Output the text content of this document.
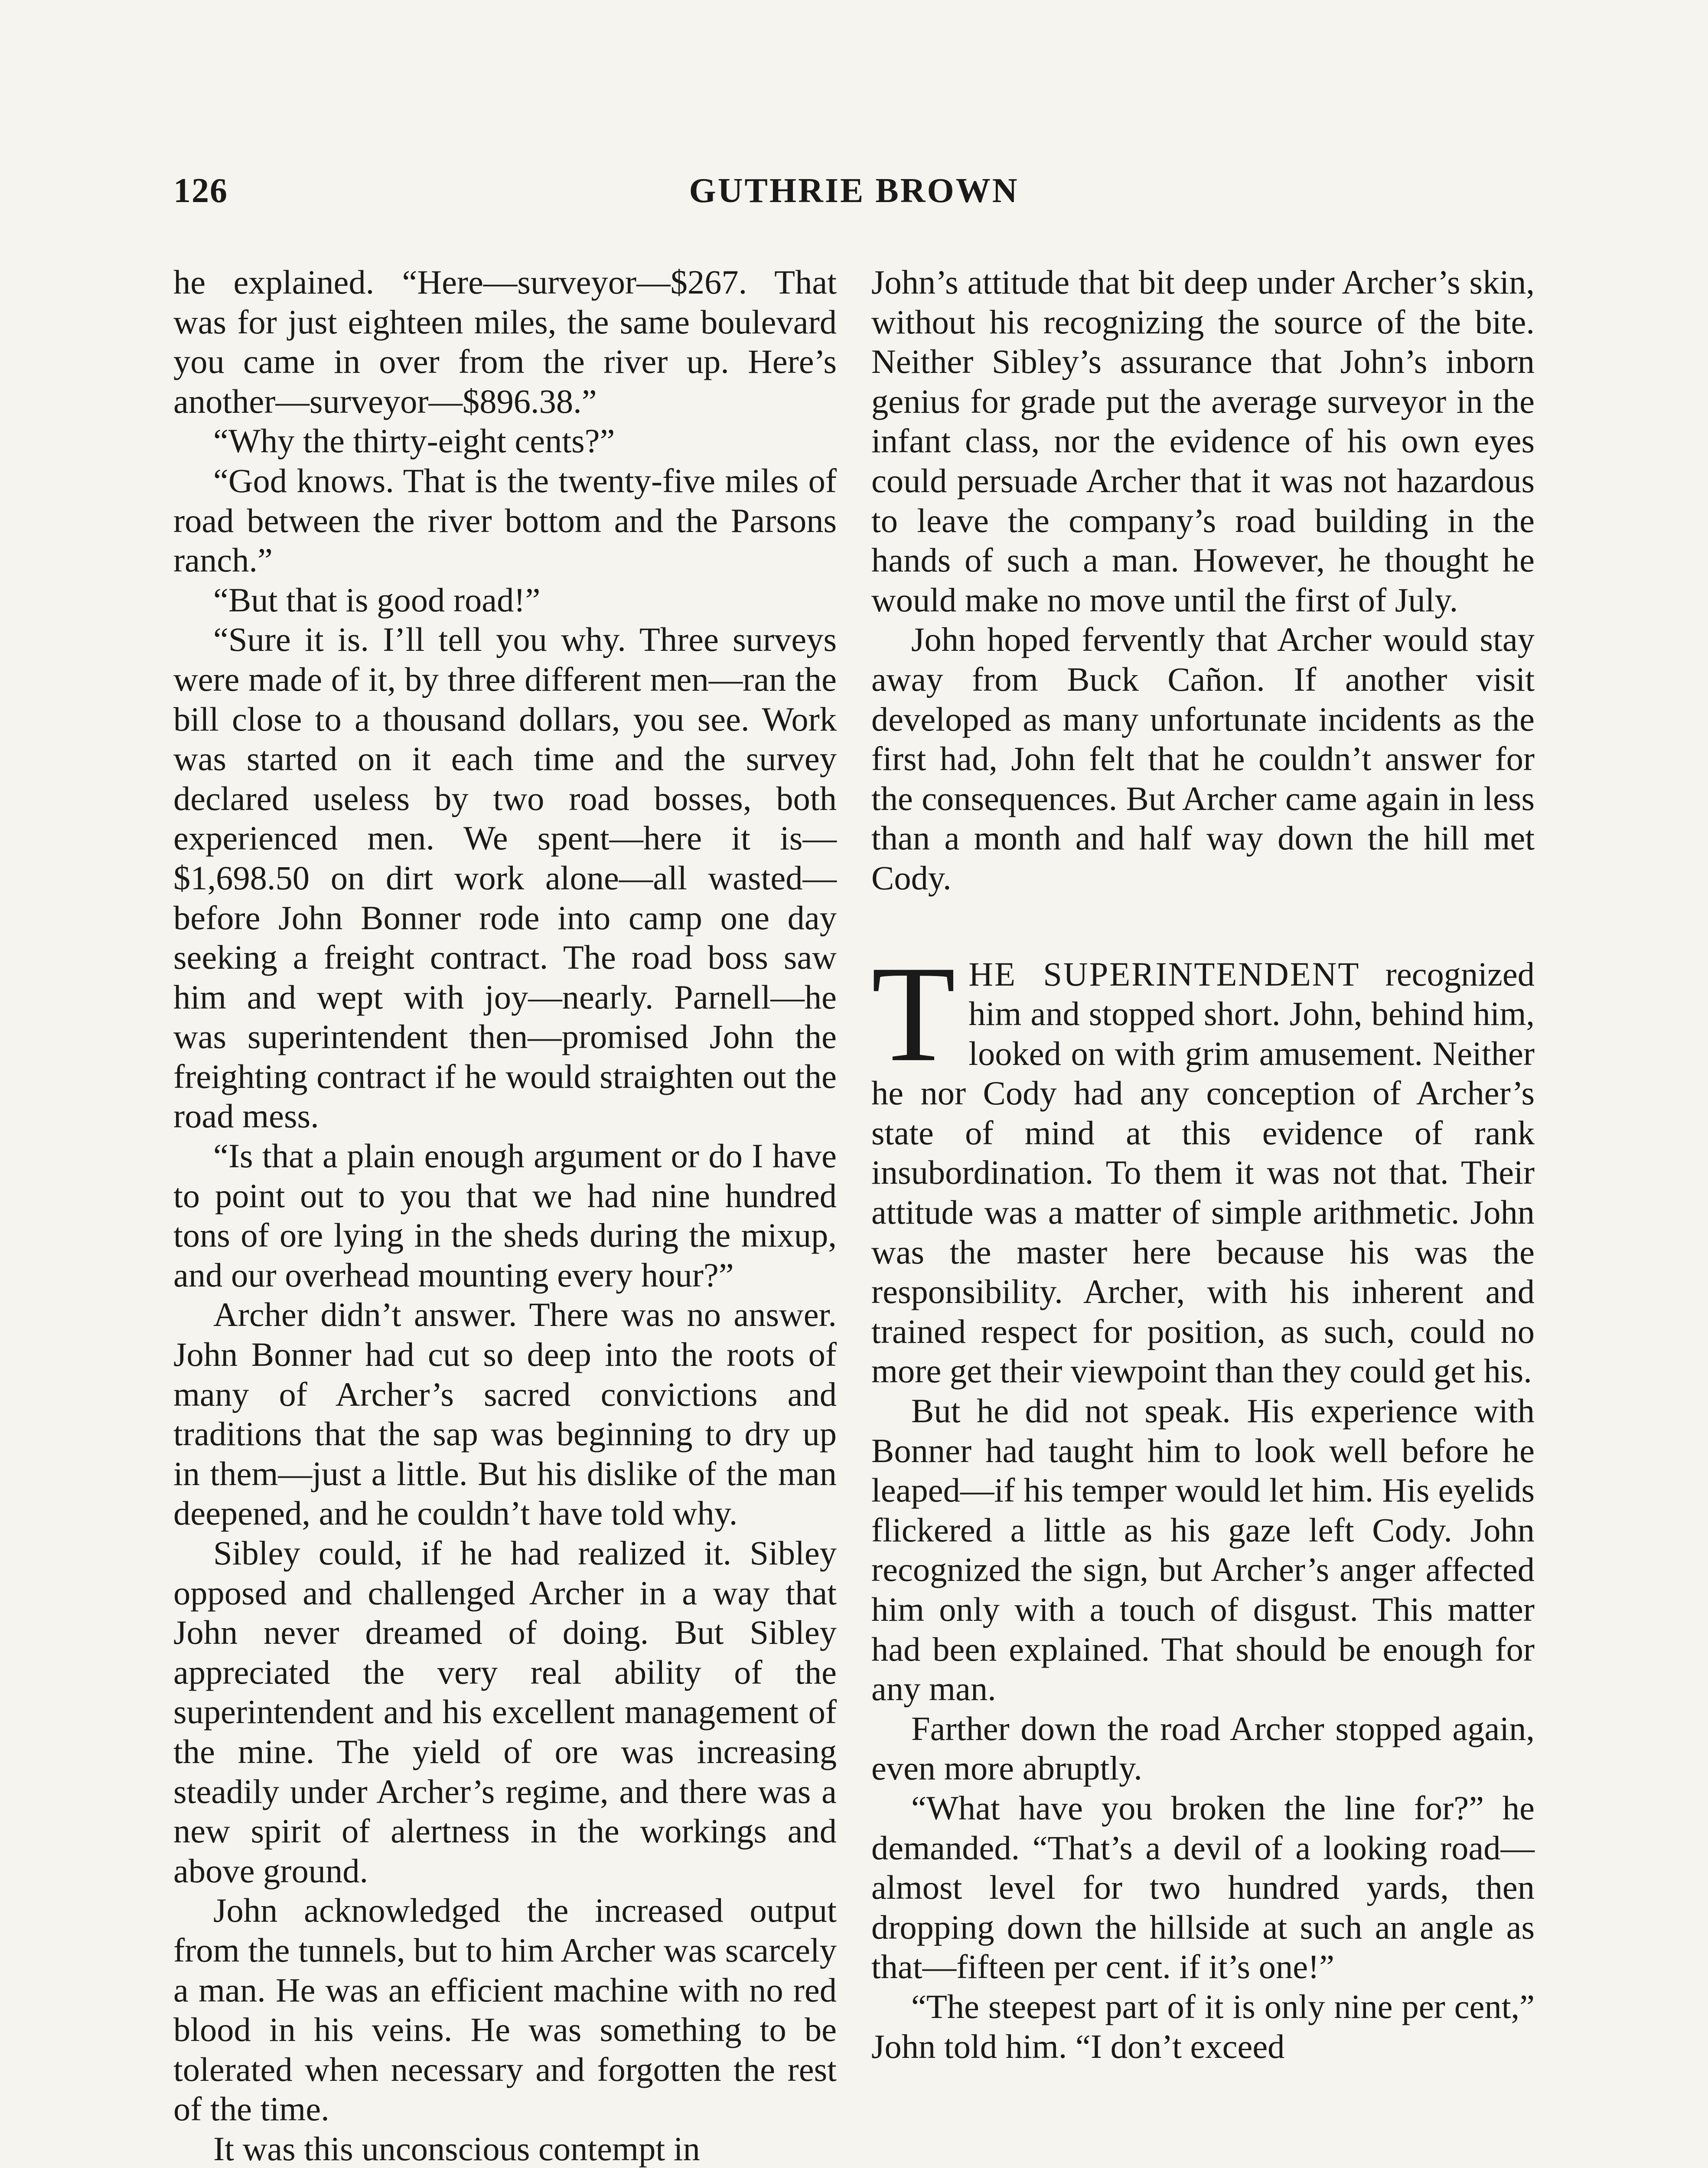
126	GUTHRIE BROWN

he explained. “Here—surveyor—$267. That was for just eighteen miles, the same boulevard you came in over from the river up. Here’s another—surveyor—$896.38.”

“Why the thirty-eight cents?”

“God knows. That is the twenty-five miles of road between the river bottom and the Parsons ranch.”

“But that is good road!”

“Sure it is. I’ll tell you why. Three surveys were made of it, by three different men—ran the bill close to a thousand dollars, you see. Work was started on it each time and the survey declared useless by two road bosses, both experienced men. We spent—here it is—$1,698.50 on dirt work alone—all wasted—before John Bonner rode into camp one day seeking a freight contract. The road boss saw him and wept with joy—nearly. Parnell—he was superintendent then—promised John the freighting contract if he would straighten out the road mess.

“Is that a plain enough argument or do I have to point out to you that we had nine hundred tons of ore lying in the sheds during the mixup, and our overhead mounting every hour?”

Archer didn’t answer. There was no answer. John Bonner had cut so deep into the roots of many of Archer’s sacred convictions and traditions that the sap was beginning to dry up in them—just a little. But his dislike of the man deepened, and he couldn’t have told why.

Sibley could, if he had realized it. Sibley opposed and challenged Archer in a way that John never dreamed of doing. But Sibley appreciated the very real ability of the superintendent and his excellent management of the mine. The yield of ore was increasing steadily under Archer’s regime, and there was a new spirit of alertness in the workings and above ground.

John acknowledged the increased output from the tunnels, but to him Archer was scarcely a man. He was an efficient machine with no red blood in his veins. He was something to be tolerated when necessary and forgotten the rest of the time.

It was this unconscious contempt in

John’s attitude that bit deep under Archer’s skin, without his recognizing the source of the bite. Neither Sibley’s assurance that John’s inborn genius for grade put the average surveyor in the infant class, nor the evidence of his own eyes could persuade Archer that it was not hazardous to leave the company’s road building in the hands of such a man. However, he thought he would make no move until the first of July.

John hoped fervently that Archer would stay away from Buck Cañon. If another visit developed as many unfortunate incidents as the first had, John felt that he couldn’t answer for the consequences. But Archer came again in less than a month and half way down the hill met Cody.

THE SUPERINTENDENT recognized him and stopped short. John, behind him, looked on with grim amusement. Neither he nor Cody had any conception of Archer’s state of mind at this evidence of rank insubordination. To them it was not that. Their attitude was a matter of simple arithmetic. John was the master here because his was the responsibility. Archer, with his inherent and trained respect for position, as such, could no more get their viewpoint than they could get his.

But he did not speak. His experience with Bonner had taught him to look well before he leaped—if his temper would let him. His eyelids flickered a little as his gaze left Cody. John recognized the sign, but Archer’s anger affected him only with a touch of disgust. This matter had been explained. That should be enough for any man.

Farther down the road Archer stopped again, even more abruptly.

“What have you broken the line for?” he demanded. “That’s a devil of a looking road—almost level for two hundred yards, then dropping down the hillside at such an angle as that—fifteen per cent. if it’s one!”

“The steepest part of it is only nine per cent,” John told him. “I don’t exceed
